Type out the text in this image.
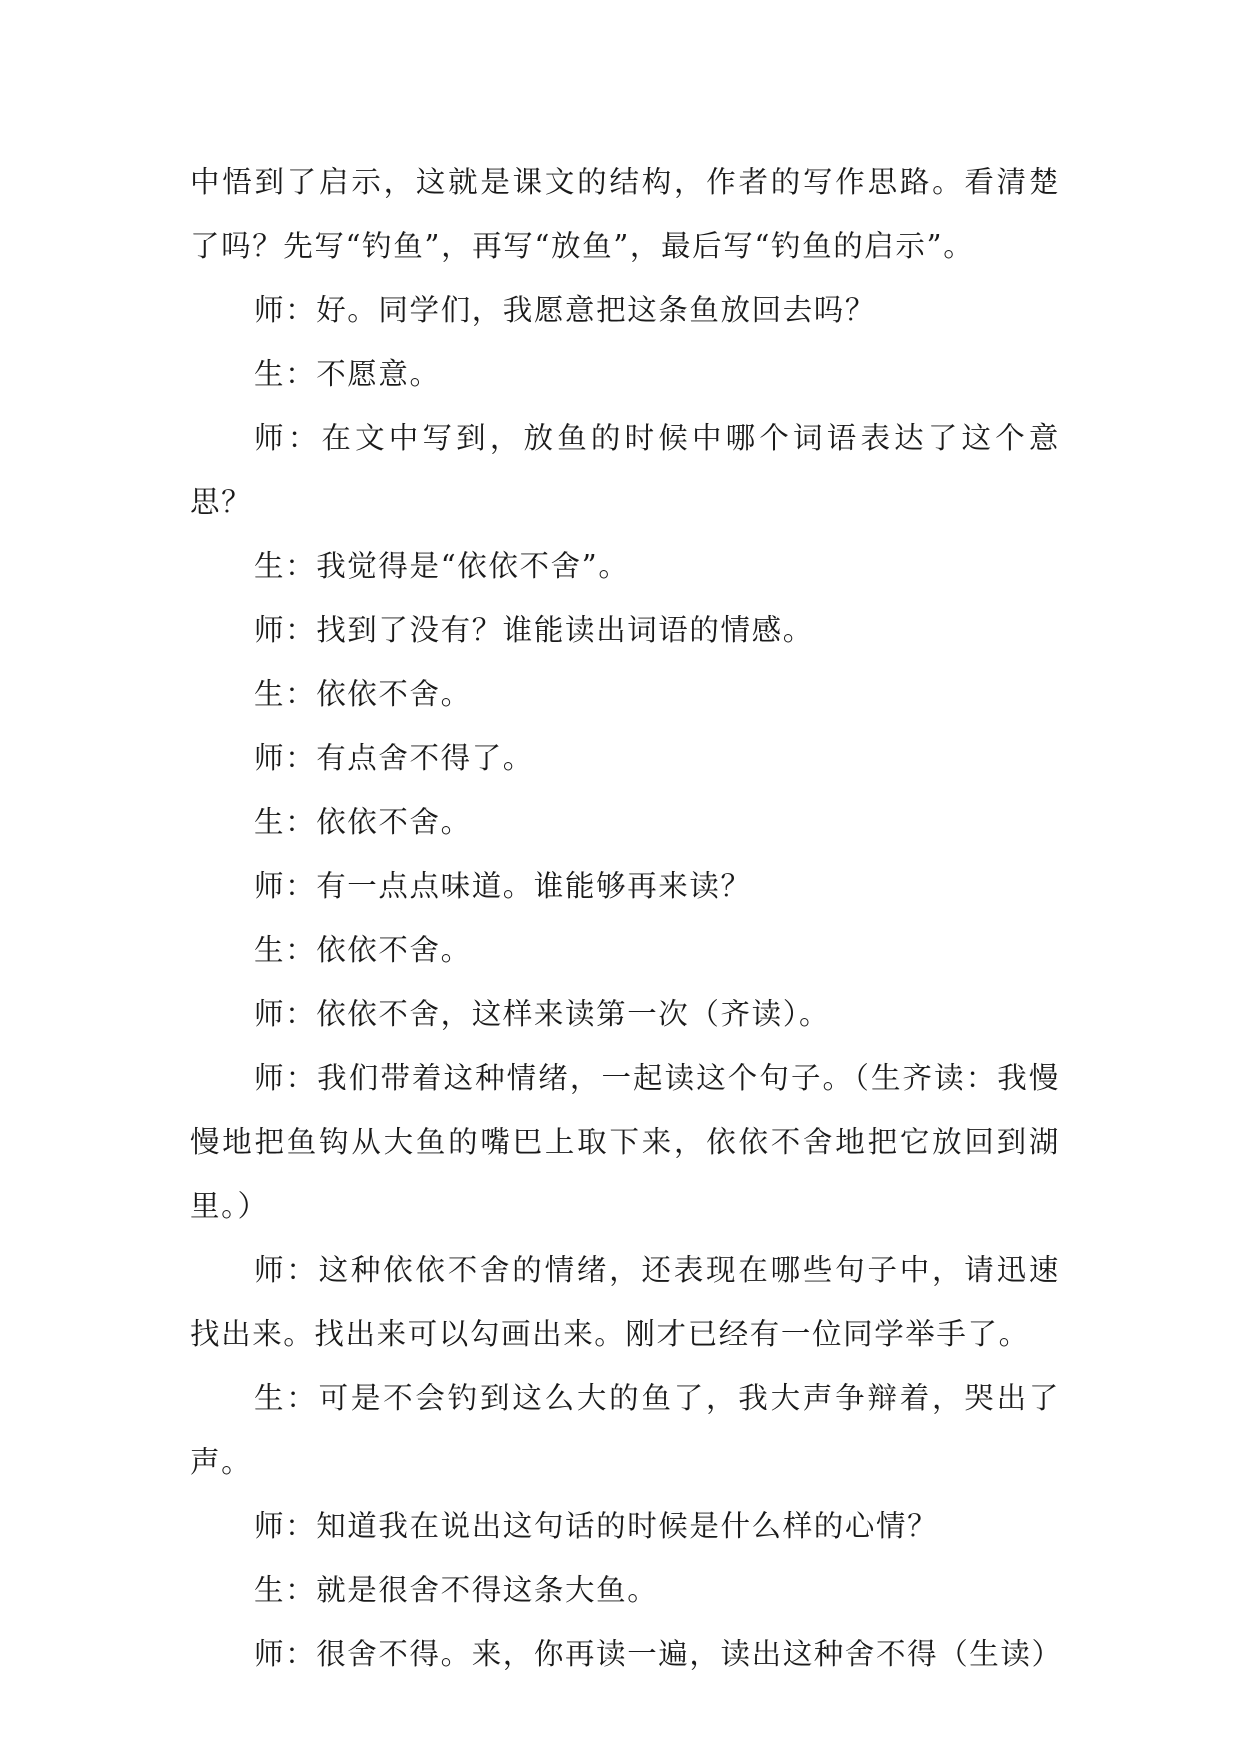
中悟到了启示，这就是课文的结构，作者的写作思路。看清楚了吗？先写“钓鱼”，再写“放鱼”，最后写“钓鱼的启示”。

师：好。同学们，我愿意把这条鱼放回去吗？

生：不愿意。

师：在文中写到，放鱼的时候中哪个词语表达了这个意思？

生：我觉得是“依依不舍”。

师：找到了没有？谁能读出词语的情感。

生：依依不舍。

师：有点舍不得了。

生：依依不舍。

师：有一点点味道。谁能够再来读？

生：依依不舍。

师：依依不舍，这样来读第一次（齐读）。

师：我们带着这种情绪，一起读这个句子。（生齐读：我慢慢地把鱼钩从大鱼的嘴巴上取下来，依依不舍地把它放回到湖里。）

师：这种依依不舍的情绪，还表现在哪些句子中，请迅速找出来。找出来可以勾画出来。刚才已经有一位同学举手了。

生：可是不会钓到这么大的鱼了，我大声争辩着，哭出了声。

师：知道我在说出这句话的时候是什么样的心情？

生：就是很舍不得这条大鱼。

师：很舍不得。来，你再读一遍，读出这种舍不得（生读）
